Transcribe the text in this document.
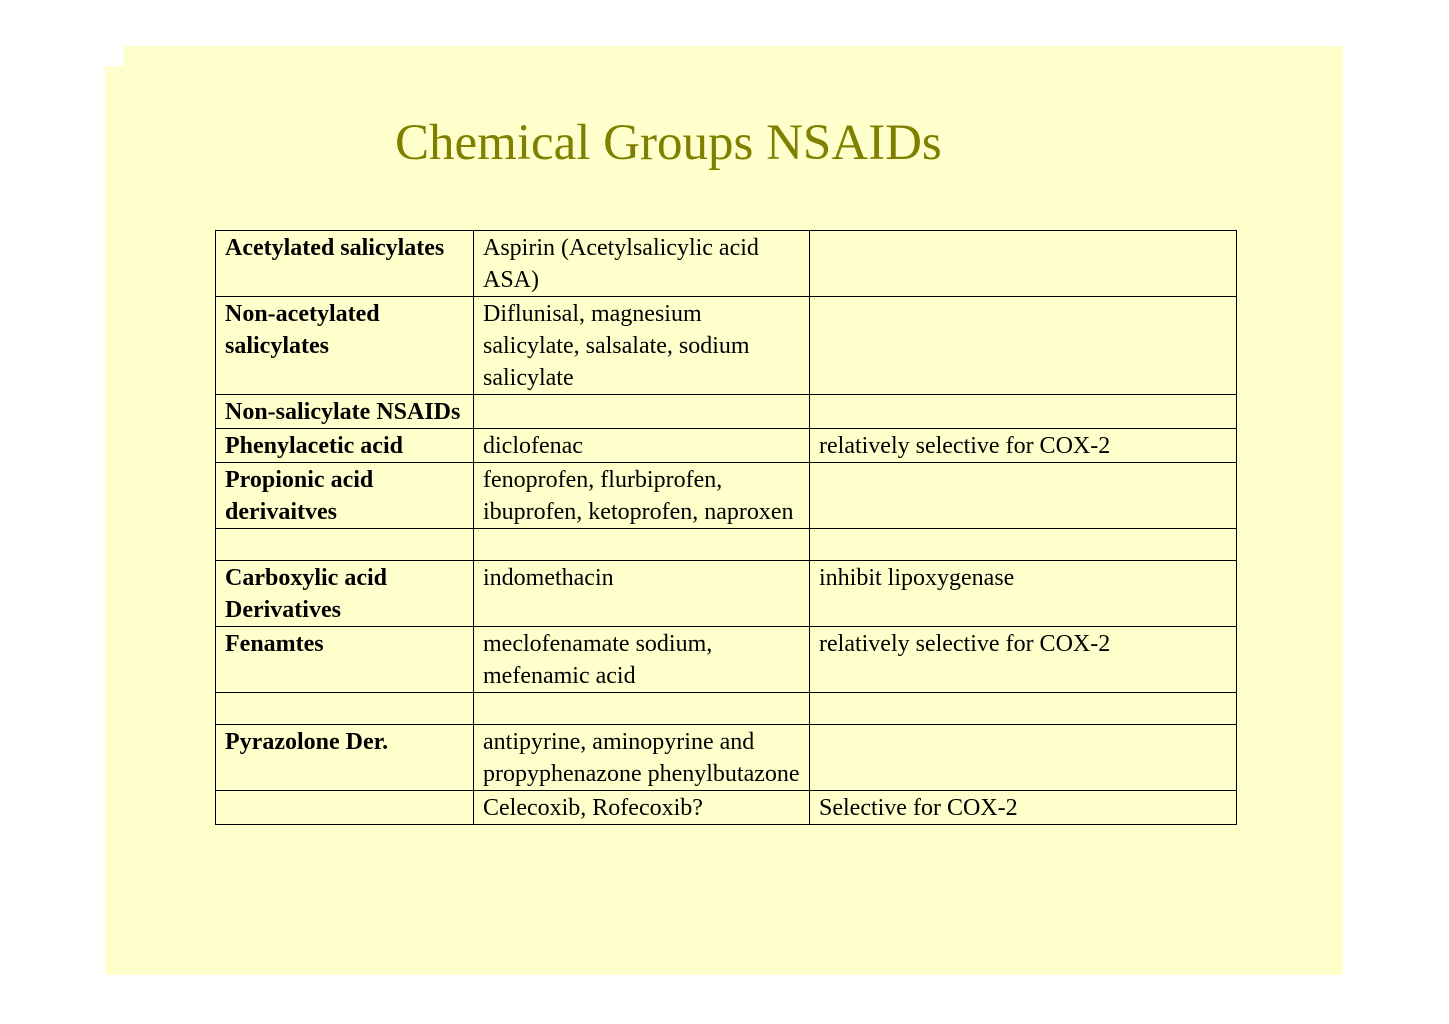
Chemical Groups NSAIDs
Acetylated salicylates	Aspirin (Acetylsalicylic acid ASA)	
Non-acetylated salicylates	Diflunisal, magnesium salicylate, salsalate, sodium salicylate	
Non-salicylate NSAIDs		
Phenylacetic acid	diclofenac	relatively selective for COX-2
Propionic acid derivaitves	fenoprofen, flurbiprofen, ibuprofen, ketoprofen, naproxen	

Carboxylic acid Derivatives	indomethacin	inhibit lipoxygenase
Fenamtes	meclofenamate sodium, mefenamic acid	relatively selective for COX-2

Pyrazolone Der.	antipyrine, aminopyrine and propyphenazone phenylbutazone	
	Celecoxib, Rofecoxib?	Selective for COX-2
